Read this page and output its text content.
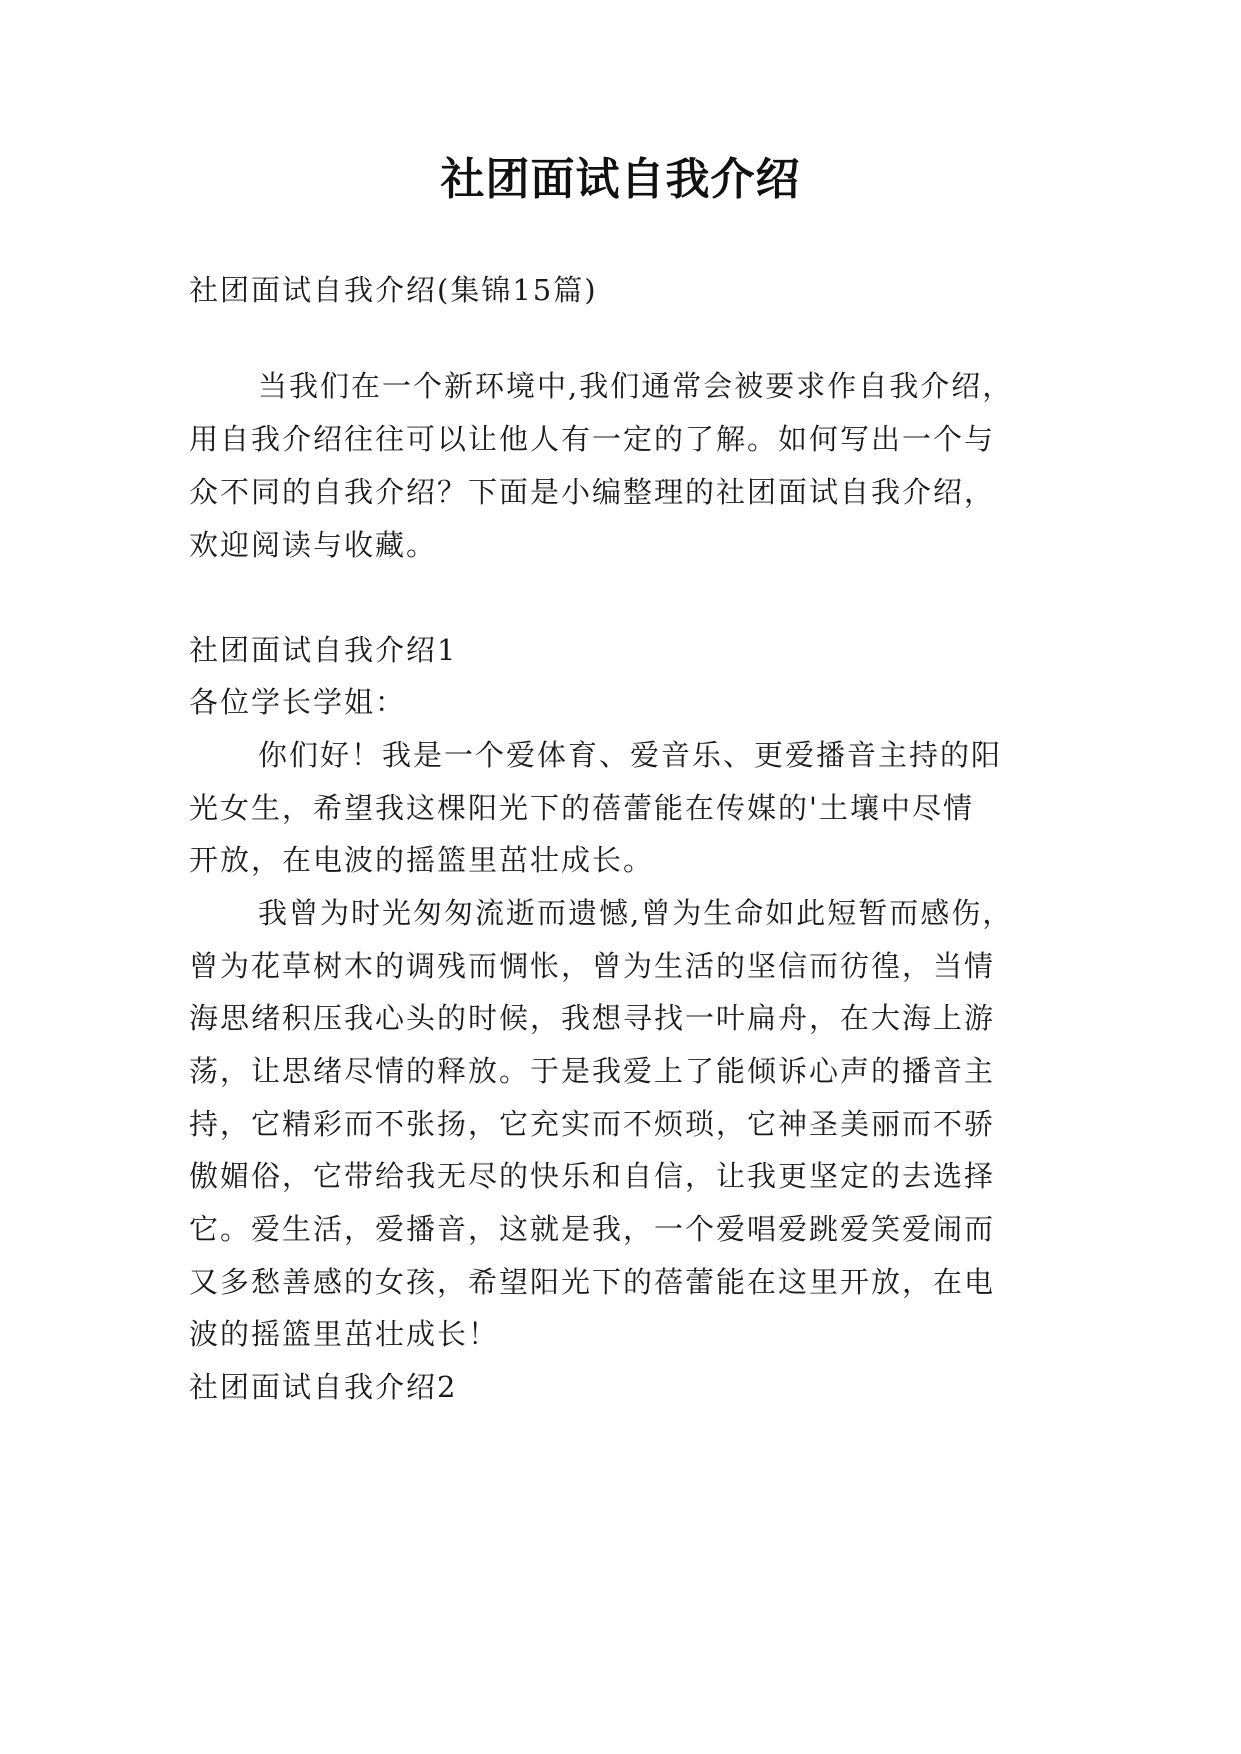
社团面试自我介绍
社团面试自我介绍(集锦15篇)
当我们在一个新环境中,我们通常会被要求作自我介绍，
用自我介绍往往可以让他人有一定的了解。如何写出一个与
众不同的自我介绍？下面是小编整理的社团面试自我介绍，
欢迎阅读与收藏。
社团面试自我介绍1
各位学长学姐：
你们好！我是一个爱体育、爱音乐、更爱播音主持的阳
光女生，希望我这棵阳光下的蓓蕾能在传媒的'土壤中尽情
开放，在电波的摇篮里茁壮成长。
我曾为时光匆匆流逝而遗憾,曾为生命如此短暂而感伤，
曾为花草树木的调残而惆怅，曾为生活的坚信而彷徨，当情
海思绪积压我心头的时候，我想寻找一叶扁舟，在大海上游
荡，让思绪尽情的释放。于是我爱上了能倾诉心声的播音主
持，它精彩而不张扬，它充实而不烦琐，它神圣美丽而不骄
傲媚俗，它带给我无尽的快乐和自信，让我更坚定的去选择
它。爱生活，爱播音，这就是我，一个爱唱爱跳爱笑爱闹而
又多愁善感的女孩，希望阳光下的蓓蕾能在这里开放，在电
波的摇篮里茁壮成长！
社团面试自我介绍2
